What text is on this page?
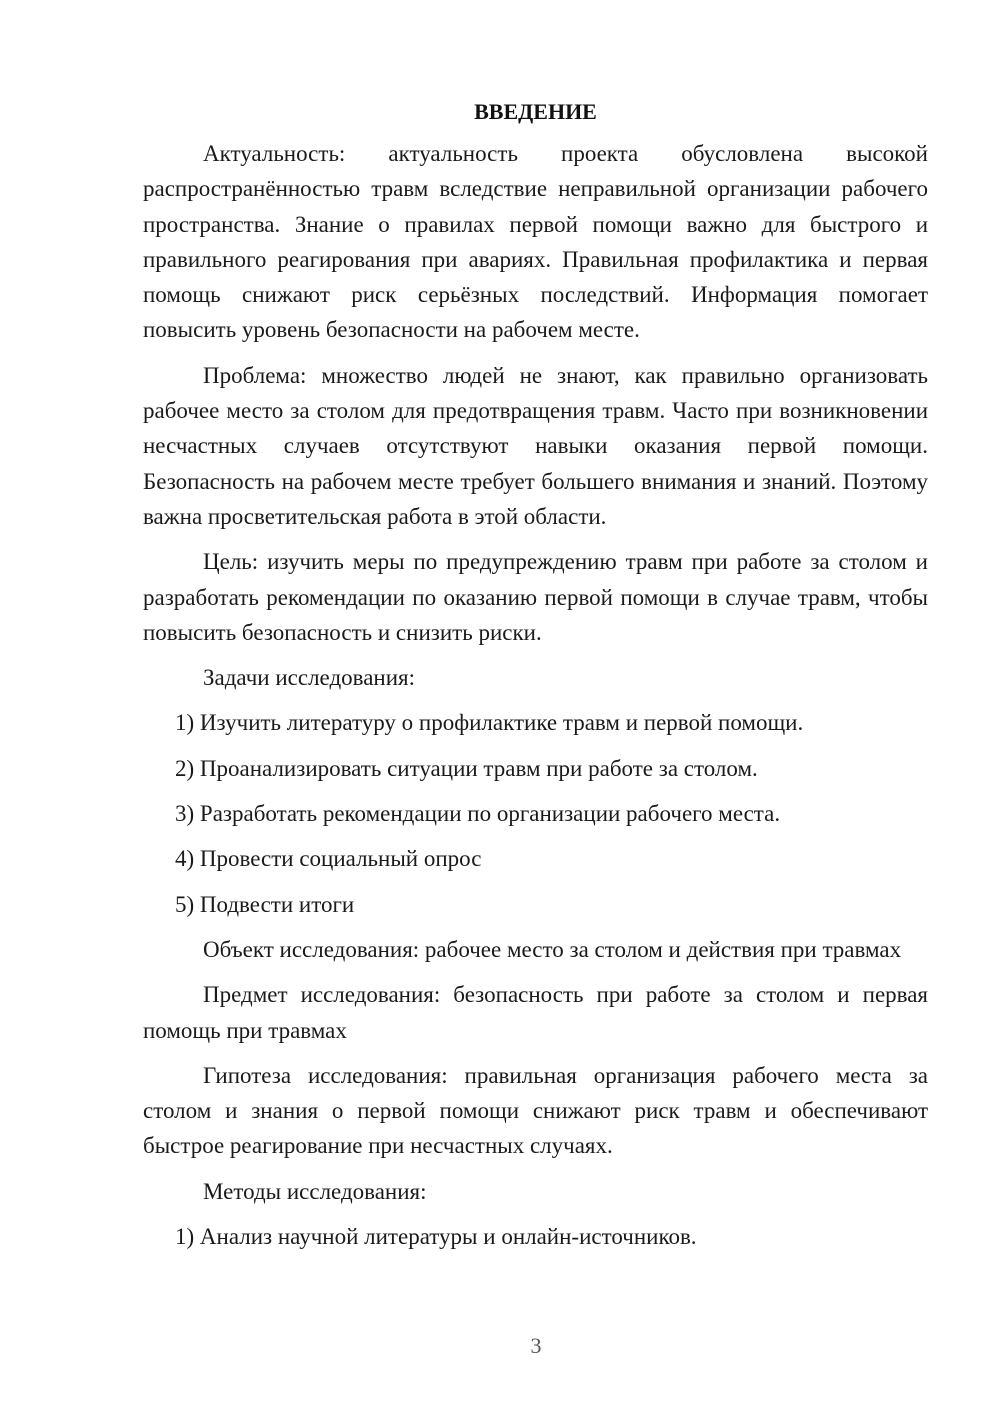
ВВЕДЕНИЕ

Актуальность: актуальность проекта обусловлена высокой распространённостью травм вследствие неправильной организации рабочего пространства. Знание о правилах первой помощи важно для быстрого и правильного реагирования при авариях. Правильная профилактика и первая помощь снижают риск серьёзных последствий. Информация помогает повысить уровень безопасности на рабочем месте.

Проблема: множество людей не знают, как правильно организовать рабочее место за столом для предотвращения травм. Часто при возникновении несчастных случаев отсутствуют навыки оказания первой помощи. Безопасность на рабочем месте требует большего внимания и знаний. Поэтому важна просветительская работа в этой области.

Цель: изучить меры по предупреждению травм при работе за столом и разработать рекомендации по оказанию первой помощи в случае травм, чтобы повысить безопасность и снизить риски.

Задачи исследования:

1) Изучить литературу о профилактике травм и первой помощи.

2) Проанализировать ситуации травм при работе за столом.

3) Разработать рекомендации по организации рабочего места.

4) Провести социальный опрос

5) Подвести итоги

Объект исследования: рабочее место за столом и действия при травмах

Предмет исследования: безопасность при работе за столом и первая помощь при травмах

Гипотеза исследования: правильная организация рабочего места за столом и знания о первой помощи снижают риск травм и обеспечивают быстрое реагирование при несчастных случаях.

Методы исследования:

1) Анализ научной литературы и онлайн-источников.

3
